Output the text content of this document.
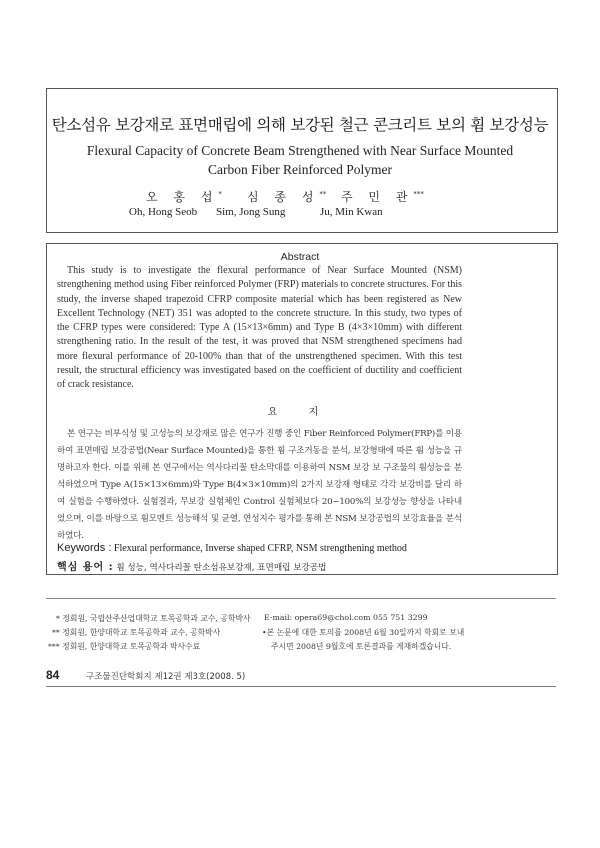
탄소섬유 보강재로 표면매립에 의해 보강된 철근 콘크리트 보의 휨 보강성능
Flexural Capacity of Concrete Beam Strengthened with Near Surface Mounted
Carbon Fiber Reinforced Polymer
오 홍 섭* 심 종 성** 주 민 관***
Oh, Hong Seob Sim, Jong Sung	Ju, Min Kwan
Abstract
This study is to investigate the flexural performance of Near Surface Mounted (NSM) strengthening method using Fiber reinforced Polymer (FRP) materials to concrete structures. For this study, the inverse shaped trapezoid CFRP composite material which has been registered as New Excellent Technology (NET) 351 was adopted to the concrete structure. In this study, two types of the CFRP types were considered: Type A (15×13×6mm) and Type B (4×3×10mm) with different strengthening ratio. In the result of the test, it was proved that NSM strengthened specimens had more flexural performance of 20-100% than that of the unstrengthened specimen. With this test result, the structural efficiency was investigated based on the coefficient of ductility and coefficient of crack resistance.
요 지
본 연구는 비부식성 및 고성능의 보강재로 많은 연구가 진행 중인 Fiber Reinforced Polymer(FRP)를 이용하여 표면매립 보강공법(Near Surface Mounted)을 통한 휨 구조거동을 분석, 보강형태에 따른 휨 성능을 규명하고자 한다. 이를 위해 본 연구에서는 역사다리꼴 탄소막대를 이용하여 NSM 보강 보 구조물의 휨성능을 분석하였으며 Type A(15×13×6mm)와 Type B(4×3×10mm)의 2가지 보강재 형태로 각각 보강비를 달리 하여 실험을 수행하였다. 실험결과, 무보강 실험체인 Control 실험체보다 20~100%의 보강성능 향상을 나타내었으며, 이를 바탕으로 휨모멘트 성능해석 및 균열, 연성지수 평가를 통해 본 NSM 보강공법의 보강효율을 분석하였다.
Keywords : Flexural performance, Inverse shaped CFRP, NSM strengthening method
핵심 용어 : 휨 성능, 역사다리꼴 탄소섬유보강재, 표면매립 보강공법
* 정회원, 국립산주산업대학교 토목공학과 교수, 공학박사
** 정회원, 한양대학교 토목공학과 교수, 공학박사
*** 정회원, 한양대학교 토목공학과 박사수료
E-mail: opera69@chol.com 055 751 3299
•본 논문에 대한 토의를 2008년 6월 30일까지 학회로 보내
주시면 2008년 9월호에 토론결과를 게재하겠습니다.
84	구조물진단학회지 제12권 제3호(2008. 5)
